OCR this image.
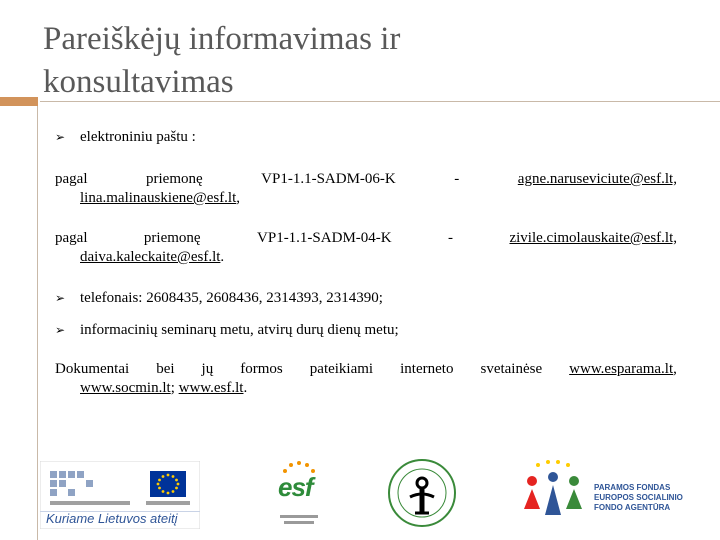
Pareiškėjų informavimas ir konsultavimas
➢ elektroniniu paštu :
pagal	priemonę	VP1-1.1-SADM-06-K	-	agne.naruseviciute@esf.lt,
lina.malinauskiene@esf.lt,
pagal	priemonę	VP1-1.1-SADM-04-K	-	zivile.cimolauskaite@esf.lt,
daiva.kaleckaite@esf.lt.
➢ telefonais: 2608435, 2608436, 2314393, 2314390;
➢ informacinių seminarų metu, atvirų durų dienų metu;
Dokumentai bei jų formos pateikiami interneto svetainėse www.esparama.lt,
www.socmin.lt; www.esf.lt.
Kuriame Lietuvos ateitį
esf	PARAMOS FONDAS
EUROPOS SOCIALINIO
FONDO AGENTŪRA
